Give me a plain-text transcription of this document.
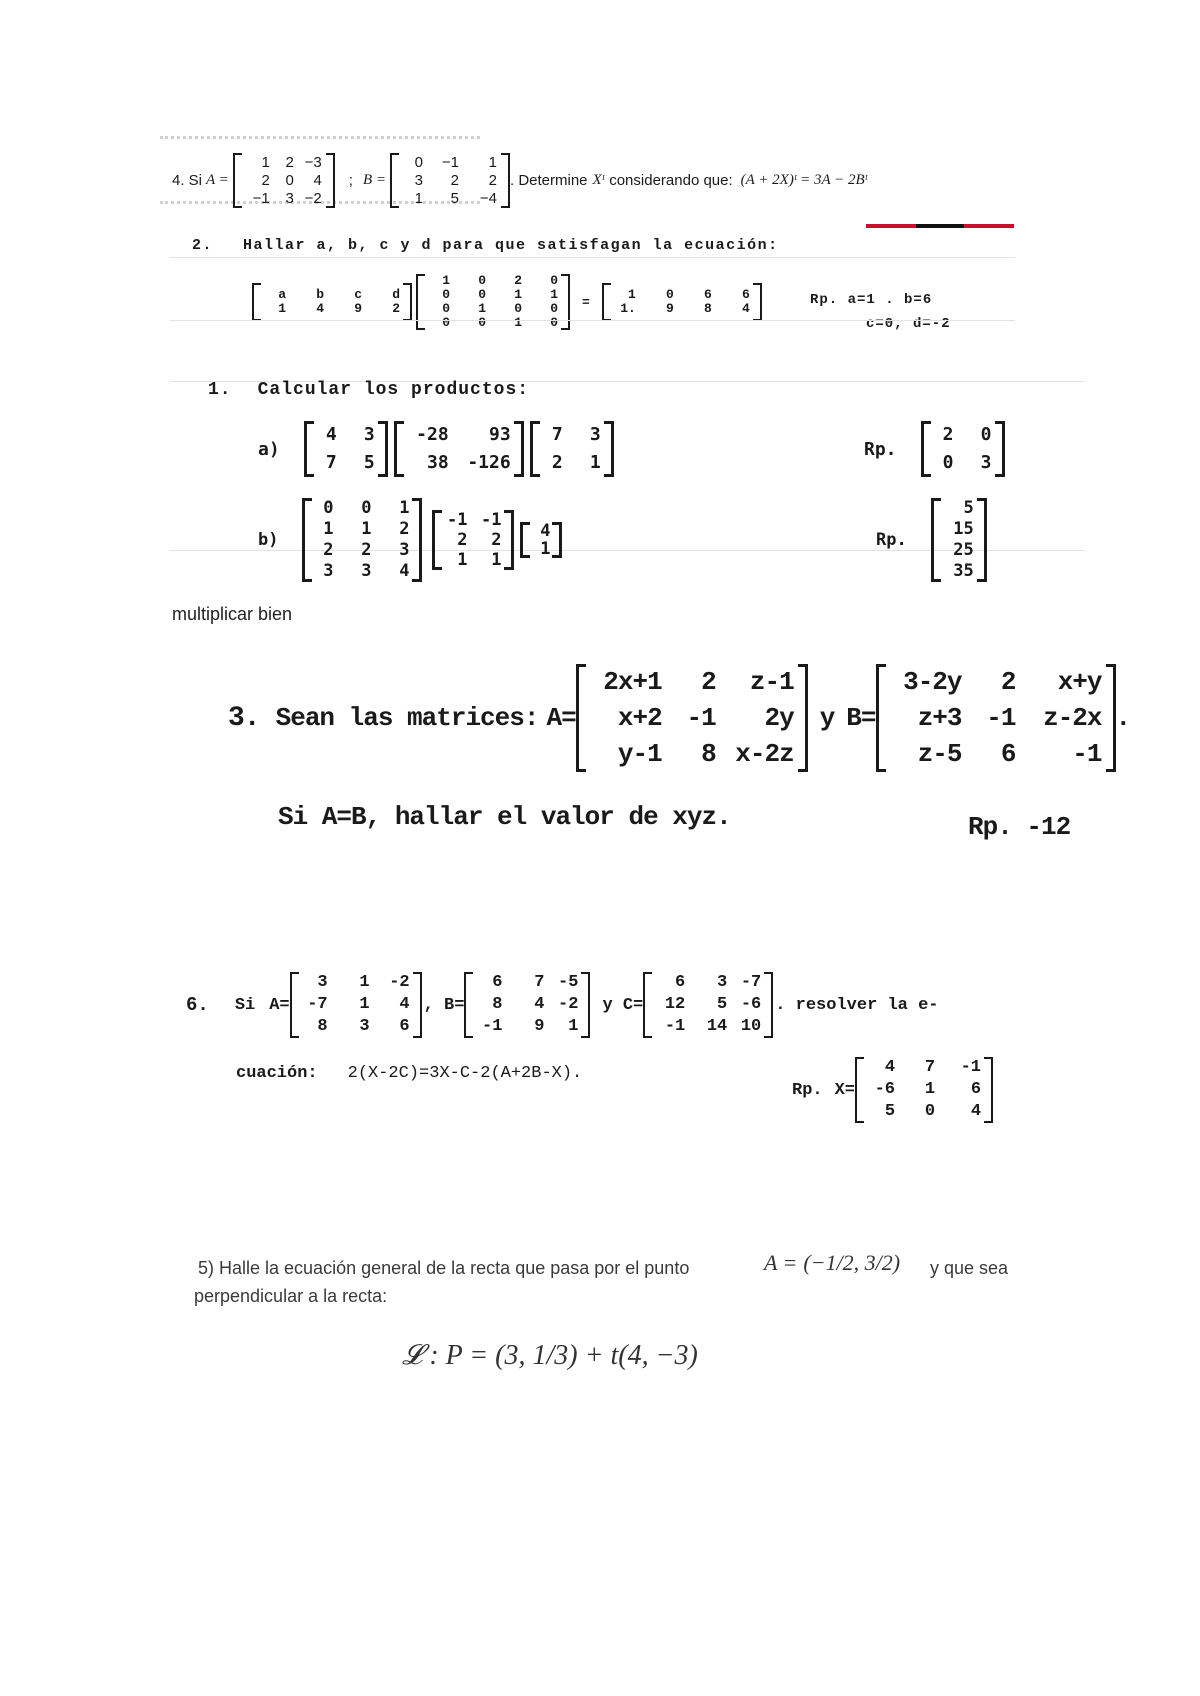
4. Si A =
1	2 −3
2	0	4
−1	3 −2
; B =
0	−1	1
3	2	2
1	5	−4
. Determine Xᵗ considerando que: (A + 2X)ᵗ = 3A − 2Bᵗ
2. Hallar a, b, c y d para que satisfagan la ecuación:
a	b	c	d
1	4	9	2
1	0	2	0
0	0	1	1
0	1	0	0
0	0	1	0
=	1	0	6	6
1.	9	8	4
Rp. a=1 . b=6
c=0, d=-2
1. Calcular los productos:
a)
4	3
7	5
-28	93
38	-126
7	3
2	1
Rp.
2	0
0	3
b)
0	0	1
1	1	2
2	2	3
3	3	4
-1 -1
2	2
1	1
4
1	Rp.
5
15
25
35
multiplicar bien
3. Sean las matrices: A=
2x+1	2	z-1
x+2 -1	2y
y-1	8 x-2z
y B=
3-2y	2	x+y
z+3 -1	z-2x
z-5	6	-1
.
Si A=B, hallar el valor de xyz.	Rp. -12
6. Si A=
3	1	-2
-7	1	4
8	3	6
, B=
6	7 -5
8	4 -2
-1	9	1
y C=
6	3 -7
12	5 -6
-1	14 10
. resolver la e-
cuación: 2(X-2C)=3X-C-2(A+2B-X).
Rp. X=
4	7	-1
-6	1	6
5	0	4
5) Halle la ecuación general de la recta que pasa por el punto	A = (−1/2, 3/2) y que sea
perpendicular a la recta:
𝓛 : P = (3, 1/3) + t(4, −3)
